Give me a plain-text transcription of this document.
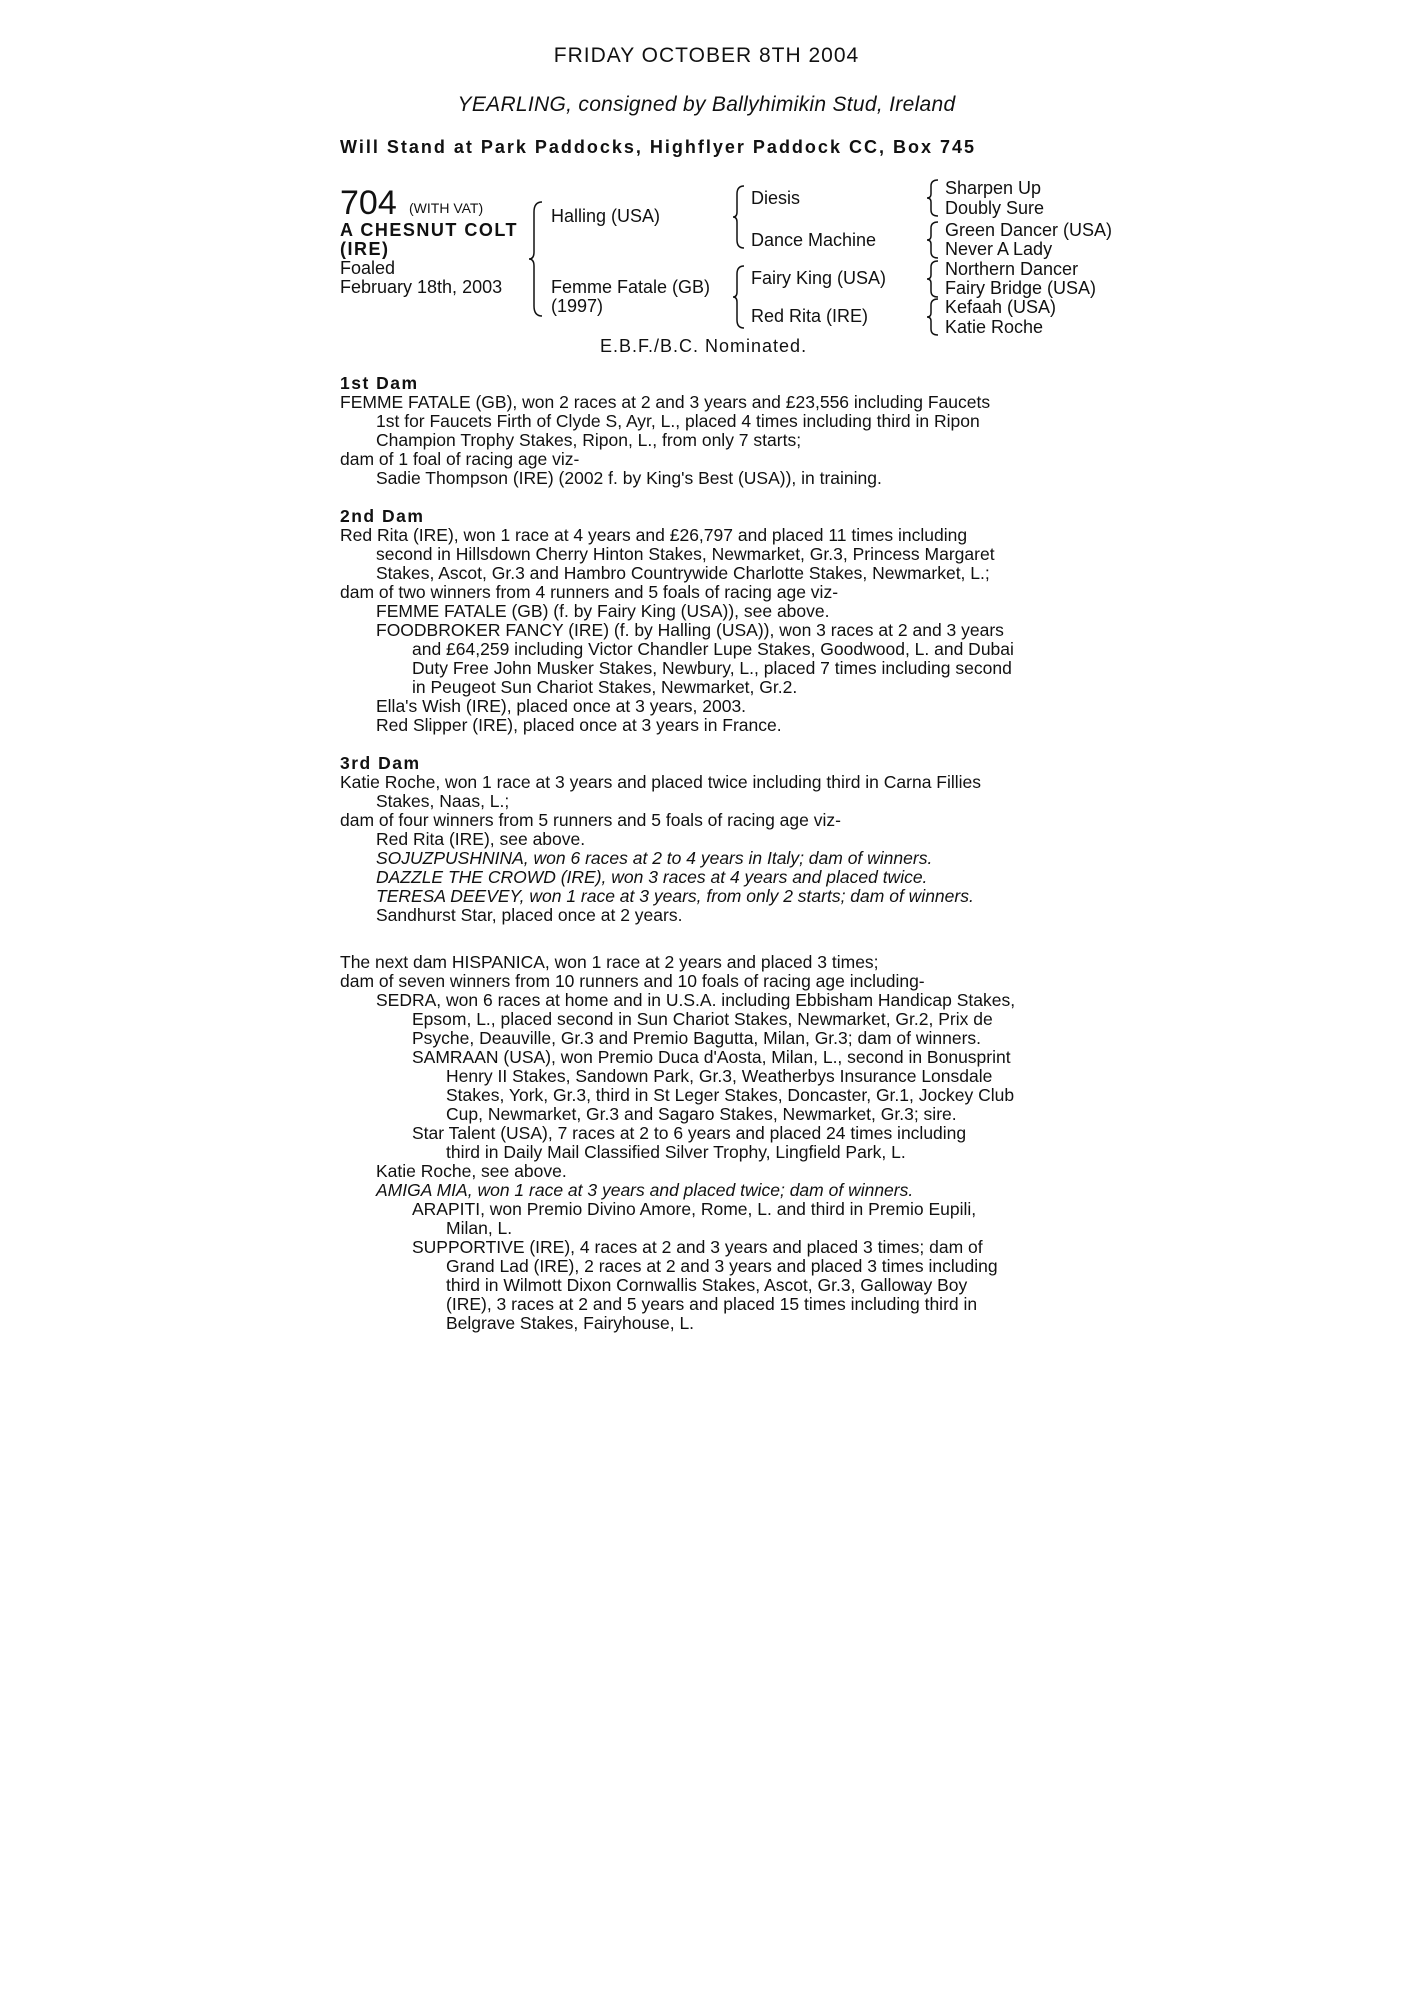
FRIDAY OCTOBER 8TH 2004
YEARLING, consigned by Ballyhimikin Stud, Ireland
Will Stand at Park Paddocks, Highflyer Paddock CC, Box 745
704 (WITH VAT)
A CHESNUT COLT
(IRE)
Foaled
February 18th, 2003
Halling (USA)
Femme Fatale (GB)
(1997)
Diesis
Dance Machine
Fairy King (USA)
Red Rita (IRE)
Sharpen Up
Doubly Sure
Green Dancer (USA)
Never A Lady
Northern Dancer
Fairy Bridge (USA)
Kefaah (USA)
Katie Roche
E.B.F./B.C. Nominated.
1st Dam
FEMME FATALE (GB), won 2 races at 2 and 3 years and £23,556 including Faucets
1st for Faucets Firth of Clyde S, Ayr, L., placed 4 times including third in Ripon
Champion Trophy Stakes, Ripon, L., from only 7 starts;
dam of 1 foal of racing age viz-
Sadie Thompson (IRE) (2002 f. by King's Best (USA)), in training.
2nd Dam
Red Rita (IRE), won 1 race at 4 years and £26,797 and placed 11 times including
second in Hillsdown Cherry Hinton Stakes, Newmarket, Gr.3, Princess Margaret
Stakes, Ascot, Gr.3 and Hambro Countrywide Charlotte Stakes, Newmarket, L.;
dam of two winners from 4 runners and 5 foals of racing age viz-
FEMME FATALE (GB) (f. by Fairy King (USA)), see above.
FOODBROKER FANCY (IRE) (f. by Halling (USA)), won 3 races at 2 and 3 years
and £64,259 including Victor Chandler Lupe Stakes, Goodwood, L. and Dubai
Duty Free John Musker Stakes, Newbury, L., placed 7 times including second
in Peugeot Sun Chariot Stakes, Newmarket, Gr.2.
Ella's Wish (IRE), placed once at 3 years, 2003.
Red Slipper (IRE), placed once at 3 years in France.
3rd Dam
Katie Roche, won 1 race at 3 years and placed twice including third in Carna Fillies
Stakes, Naas, L.;
dam of four winners from 5 runners and 5 foals of racing age viz-
Red Rita (IRE), see above.
SOJUZPUSHNINA, won 6 races at 2 to 4 years in Italy; dam of winners.
DAZZLE THE CROWD (IRE), won 3 races at 4 years and placed twice.
TERESA DEEVEY, won 1 race at 3 years, from only 2 starts; dam of winners.
Sandhurst Star, placed once at 2 years.
The next dam HISPANICA, won 1 race at 2 years and placed 3 times;
dam of seven winners from 10 runners and 10 foals of racing age including-
SEDRA, won 6 races at home and in U.S.A. including Ebbisham Handicap Stakes,
Epsom, L., placed second in Sun Chariot Stakes, Newmarket, Gr.2, Prix de
Psyche, Deauville, Gr.3 and Premio Bagutta, Milan, Gr.3; dam of winners.
SAMRAAN (USA), won Premio Duca d'Aosta, Milan, L., second in Bonusprint
Henry II Stakes, Sandown Park, Gr.3, Weatherbys Insurance Lonsdale
Stakes, York, Gr.3, third in St Leger Stakes, Doncaster, Gr.1, Jockey Club
Cup, Newmarket, Gr.3 and Sagaro Stakes, Newmarket, Gr.3; sire.
Star Talent (USA), 7 races at 2 to 6 years and placed 24 times including
third in Daily Mail Classified Silver Trophy, Lingfield Park, L.
Katie Roche, see above.
AMIGA MIA, won 1 race at 3 years and placed twice; dam of winners.
ARAPITI, won Premio Divino Amore, Rome, L. and third in Premio Eupili,
Milan, L.
SUPPORTIVE (IRE), 4 races at 2 and 3 years and placed 3 times; dam of
Grand Lad (IRE), 2 races at 2 and 3 years and placed 3 times including
third in Wilmott Dixon Cornwallis Stakes, Ascot, Gr.3, Galloway Boy
(IRE), 3 races at 2 and 5 years and placed 15 times including third in
Belgrave Stakes, Fairyhouse, L.
